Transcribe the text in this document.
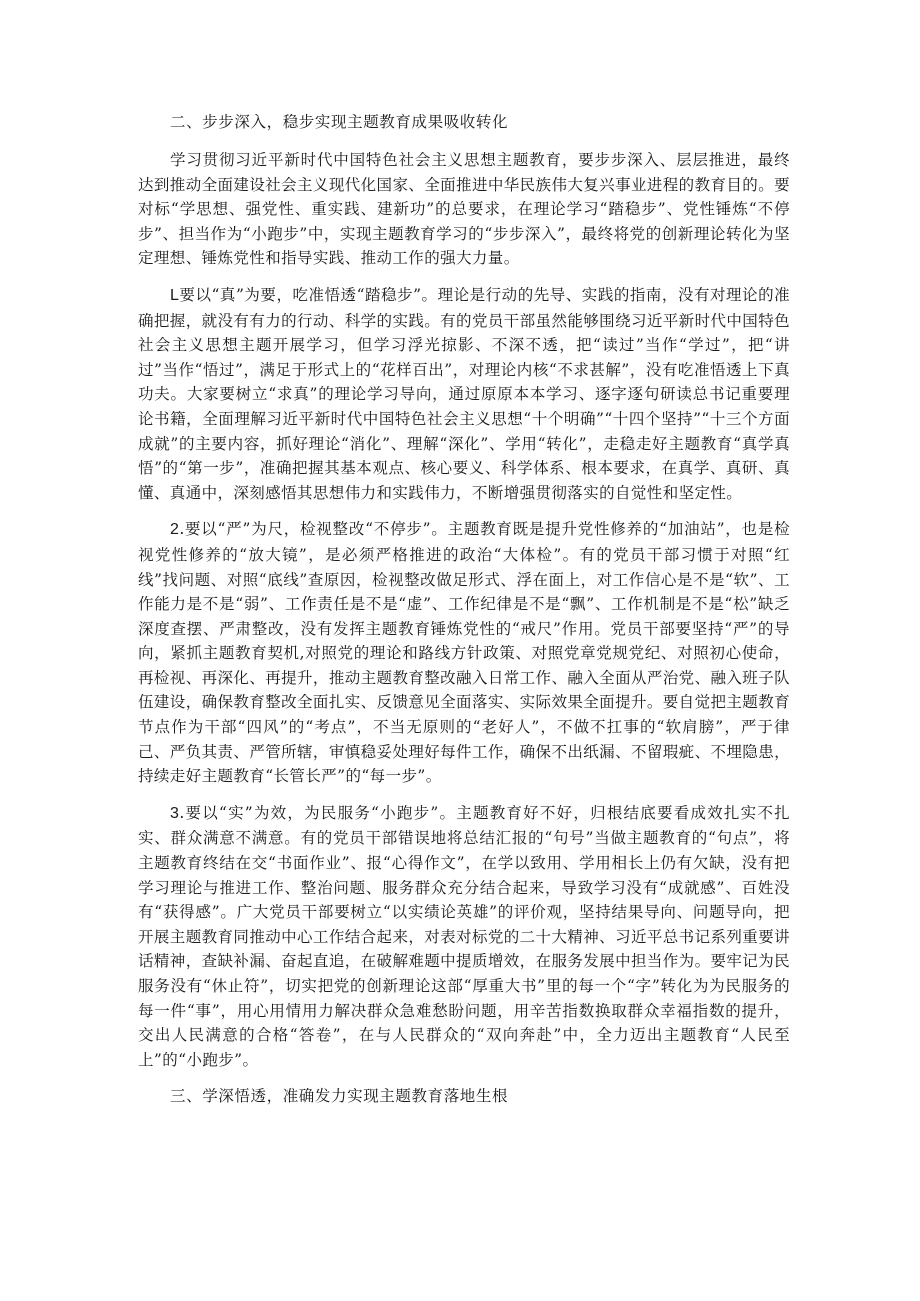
二、步步深入，稳步实现主题教育成果吸收转化

学习贯彻习近平新时代中国特色社会主义思想主题教育，要步步深入、层层推进，最终达到推动全面建设社会主义现代化国家、全面推进中华民族伟大复兴事业进程的教育目的。要对标“学思想、强党性、重实践、建新功”的总要求，在理论学习“踏稳步”、党性锤炼“不停步”、担当作为“小跑步”中，实现主题教育学习的“步步深入”，最终将党的创新理论转化为坚定理想、锤炼党性和指导实践、推动工作的强大力量。

L要以“真”为要，吃准悟透“踏稳步”。理论是行动的先导、实践的指南，没有对理论的准确把握，就没有有力的行动、科学的实践。有的党员干部虽然能够围绕习近平新时代中国特色社会主义思想主题开展学习，但学习浮光掠影、不深不透，把“读过”当作“学过”，把“讲过”当作“悟过”，满足于形式上的“花样百出”，对理论内核“不求甚解”，没有吃准悟透上下真功夫。大家要树立“求真”的理论学习导向，通过原原本本学习、逐字逐句研读总书记重要理论书籍，全面理解习近平新时代中国特色社会主义思想“十个明确”“十四个坚持”“十三个方面成就”的主要内容，抓好理论“消化”、理解“深化”、学用“转化”，走稳走好主题教育“真学真悟”的“第一步”，准确把握其基本观点、核心要义、科学体系、根本要求，在真学、真研、真懂、真通中，深刻感悟其思想伟力和实践伟力，不断增强贯彻落实的自觉性和坚定性。

2.要以“严”为尺，检视整改“不停步”。主题教育既是提升党性修养的“加油站”，也是检视党性修养的“放大镜”，是必须严格推进的政治“大体检”。有的党员干部习惯于对照“红线”找问题、对照“底线”查原因，检视整改做足形式、浮在面上，对工作信心是不是“软”、工作能力是不是“弱”、工作责任是不是“虚”、工作纪律是不是“飘”、工作机制是不是“松”缺乏深度查摆、严肃整改，没有发挥主题教育锤炼党性的“戒尺”作用。党员干部要坚持“严”的导向，紧抓主题教育契机,对照党的理论和路线方针政策、对照党章党规党纪、对照初心使命，再检视、再深化、再提升，推动主题教育整改融入日常工作、融入全面从严治党、融入班子队伍建设，确保教育整改全面扎实、反馈意见全面落实、实际效果全面提升。要自觉把主题教育节点作为干部“四风”的“考点”，不当无原则的“老好人”，不做不扛事的“软肩膀”，严于律己、严负其责、严管所辖，审慎稳妥处理好每件工作，确保不出纸漏、不留瑕疵、不埋隐患，持续走好主题教育“长管长严”的“每一步”。

3.要以“实”为效，为民服务“小跑步”。主题教育好不好，归根结底要看成效扎实不扎实、群众满意不满意。有的党员干部错误地将总结汇报的“句号”当做主题教育的“句点”，将主题教育终结在交“书面作业”、报“心得作文”，在学以致用、学用相长上仍有欠缺，没有把学习理论与推进工作、整治问题、服务群众充分结合起来，导致学习没有“成就感”、百姓没有“获得感”。广大党员干部要树立“以实绩论英雄”的评价观，坚持结果导向、问题导向，把开展主题教育同推动中心工作结合起来，对表对标党的二十大精神、习近平总书记系列重要讲话精神，查缺补漏、奋起直追，在破解难题中提质增效，在服务发展中担当作为。要牢记为民服务没有“休止符”，切实把党的创新理论这部“厚重大书”里的每一个“字”转化为为民服务的每一件“事”，用心用情用力解决群众急难愁盼问题，用辛苦指数换取群众幸福指数的提升，交出人民满意的合格“答卷”，在与人民群众的“双向奔赴”中，全力迈出主题教育“人民至上”的“小跑步”。

三、学深悟透，准确发力实现主题教育落地生根
